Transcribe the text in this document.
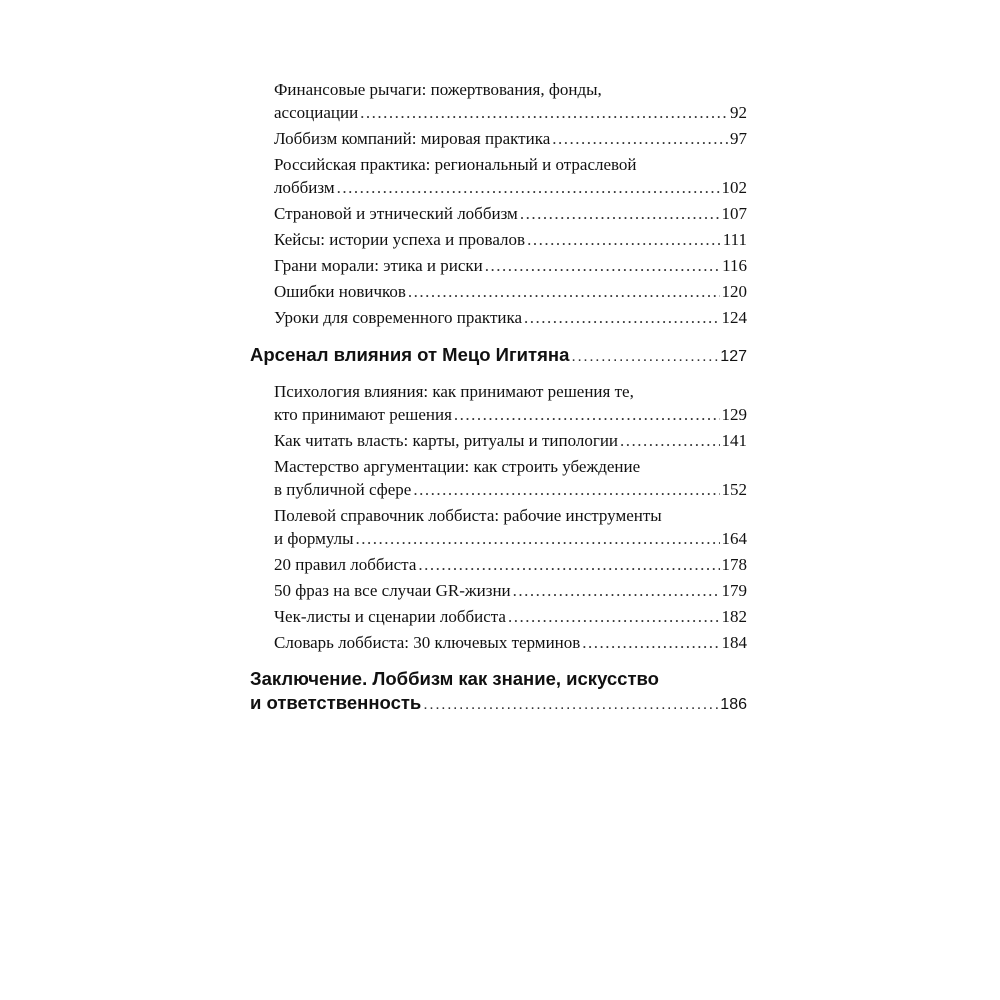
Финансовые рычаги: пожертвования, фонды,
ассоциации .....	92
Лоббизм компаний: мировая практика .....	97
Российская практика: региональный и отраслевой
лоббизм .....	102
Страновой и этнический лоббизм .....	107
Кейсы: истории успеха и провалов .....	111
Грани морали: этика и риски .....	116
Ошибки новичков .....	120
Уроки для современного практика .....	124
Арсенал влияния от Мецо Игитяна .....	127
Психология влияния: как принимают решения те,
кто принимают решения .....	129
Как читать власть: карты, ритуалы и типологии .....	141
Мастерство аргументации: как строить убеждение
в публичной сфере .....	152
Полевой справочник лоббиста: рабочие инструменты
и формулы .....	164
20 правил лоббиста .....	178
50 фраз на все случаи GR-жизни .....	179
Чек-листы и сценарии лоббиста .....	182
Словарь лоббиста: 30 ключевых терминов .....	184
Заключение. Лоббизм как знание, искусство
и ответственность .....	186
